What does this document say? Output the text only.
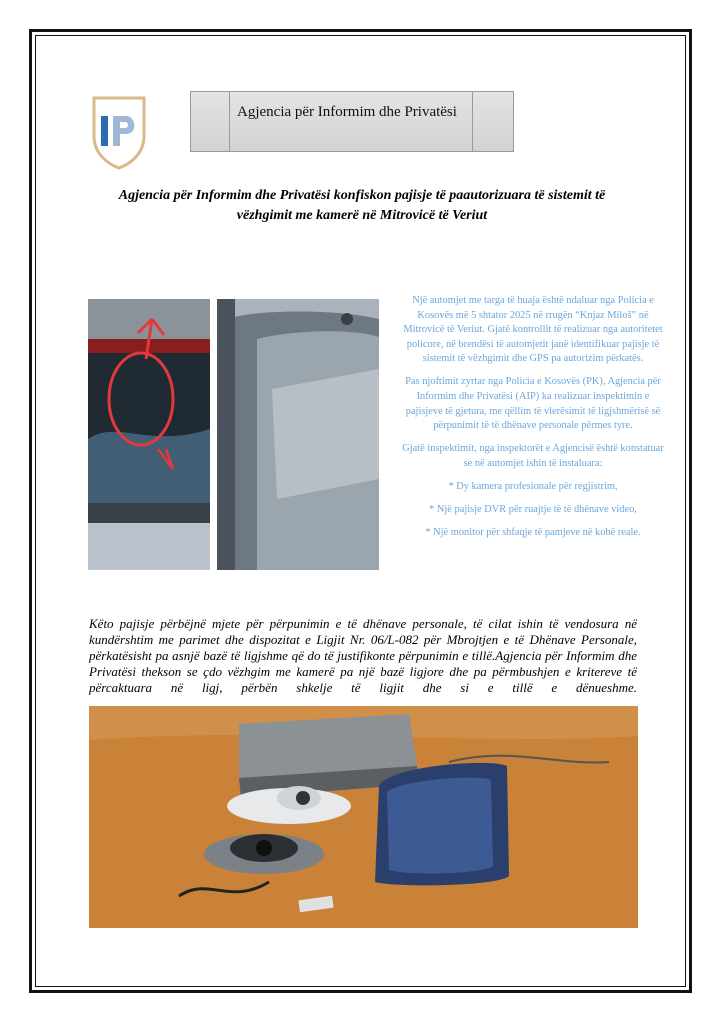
Agjencia për Informim dhe Privatësi
Agjencia për Informim dhe Privatësi konfiskon pajisje të paautorizuara të sistemit të vëzhgimit me kamerë në Mitrovicë të Veriut

Një automjet me targa të huaja është ndaluar nga Policia e Kosovës më 5 shtator 2025 në rrugën “Knjaz Miloš” në Mitrovicë të Veriut. Gjatë kontrollit të realizuar nga autoritetet policore, në brendësi të automjetit janë identifikuar pajisje të sistemit të vëzhgimit dhe GPS pa autorizim përkatës.

Pas njoftimit zyrtar nga Policia e Kosovës (PK), Agjencia për Informim dhe Privatësi (AIP) ka realizuar inspektimin e pajisjeve të gjetura, me qëllim të vlerësimit të ligjshmërisë së përpunimit të të dhënave personale përmes tyre.

Gjatë inspektimit, nga inspektorët e Agjencisë është konstatuar se në automjet ishin të instaluara:

* Dy kamera profesionale për regjistrim,

* Një pajisje DVR për ruajtje të të dhënave video,

* Një monitor për shfaqje të pamjeve në kohë reale.

Këto pajisje përbëjnë mjete për përpunimin e të dhënave personale, të cilat ishin të vendosura në kundërshtim me parimet dhe dispozitat e Ligjit Nr. 06/L-082 për Mbrojtjen e të Dhënave Personale, përkatësisht pa asnjë bazë të ligjshme që do të justifikonte përpunimin e tillë.Agjencia për Informim dhe Privatësi thekson se çdo vëzhgim me kamerë pa një bazë ligjore dhe pa përmbushjen e kritereve të përcaktuara në ligj, përbën shkelje të ligjit dhe si e tillë e dënueshme.
